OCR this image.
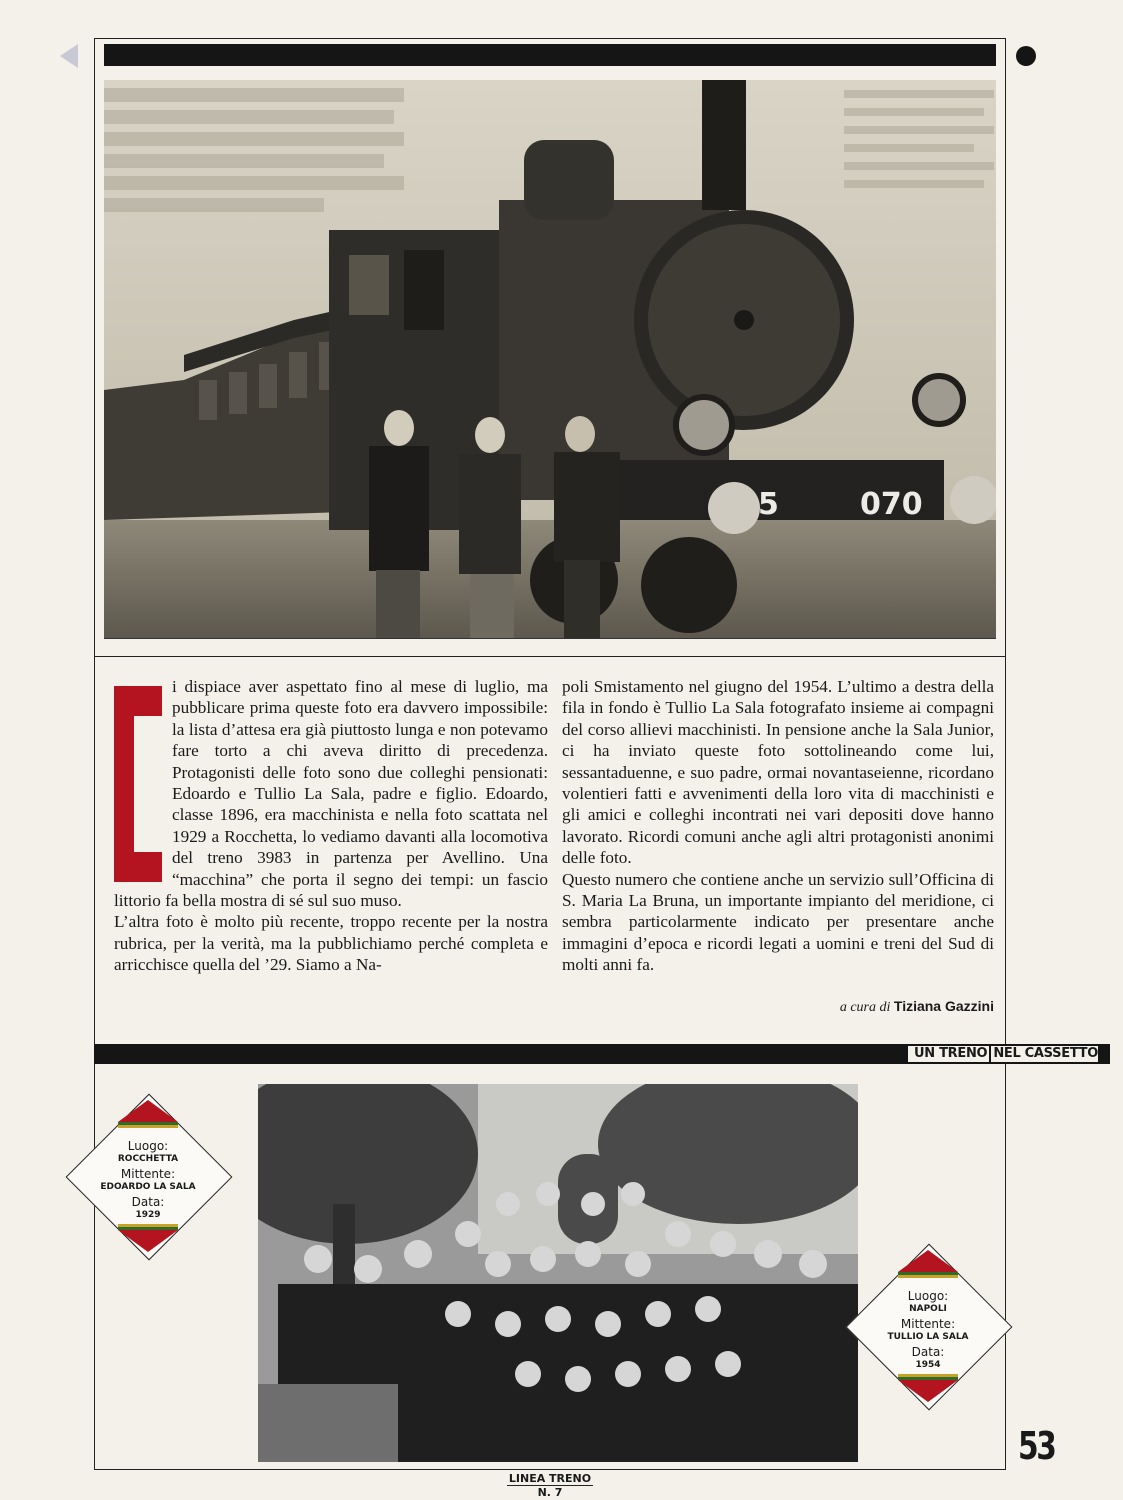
5	070

i dispiace aver aspettato fino al mese di luglio, ma pubblicare prima queste foto era davvero impossibile: la lista d’attesa era già piuttosto lunga e non potevamo fare torto a chi aveva diritto di precedenza. Protagonisti delle foto sono due colleghi pensionati: Edoardo e Tullio La Sala, padre e figlio. Edoardo, classe 1896, era macchinista e nella foto scattata nel 1929 a Rocchetta, lo vediamo davanti alla locomotiva del treno 3983 in partenza per Avellino. Una “macchina” che porta il segno dei tempi: un fascio littorio fa bella mostra di sé sul suo muso.

L’altra foto è molto più recente, troppo recente per la nostra rubrica, per la verità, ma la pubblichiamo perché completa e arricchisce quella del ’29. Siamo a Na-

poli Smistamento nel giugno del 1954. L’ultimo a destra della fila in fondo è Tullio La Sala fotografato insieme ai compagni del corso allievi macchinisti. In pensione anche la Sala Junior, ci ha inviato queste foto sottolineando come lui, sessantaduenne, e suo padre, ormai novantaseienne, ricordano volentieri fatti e avvenimenti della loro vita di macchinisti e gli amici e colleghi incontrati nei vari depositi dove hanno lavorato. Ricordi comuni anche agli altri protagonisti anonimi delle foto.

Questo numero che contiene anche un servizio sull’Officina di S. Maria La Bruna, un importante impianto del meridione, ci sembra particolarmente indicato per presentare anche immagini d’epoca e ricordi legati a uomini e treni del Sud di molti anni fa.

a cura di Tiziana Gazzini
UN TRENO NEL CASSETTO
Luogo:
ROCCHETTA
Mittente:
EDOARDO LA SALA
Data:
1929
Luogo:
NAPOLI
Mittente:
TULLIO LA SALA
Data:
1954
53
LINEA TRENO
N. 7
